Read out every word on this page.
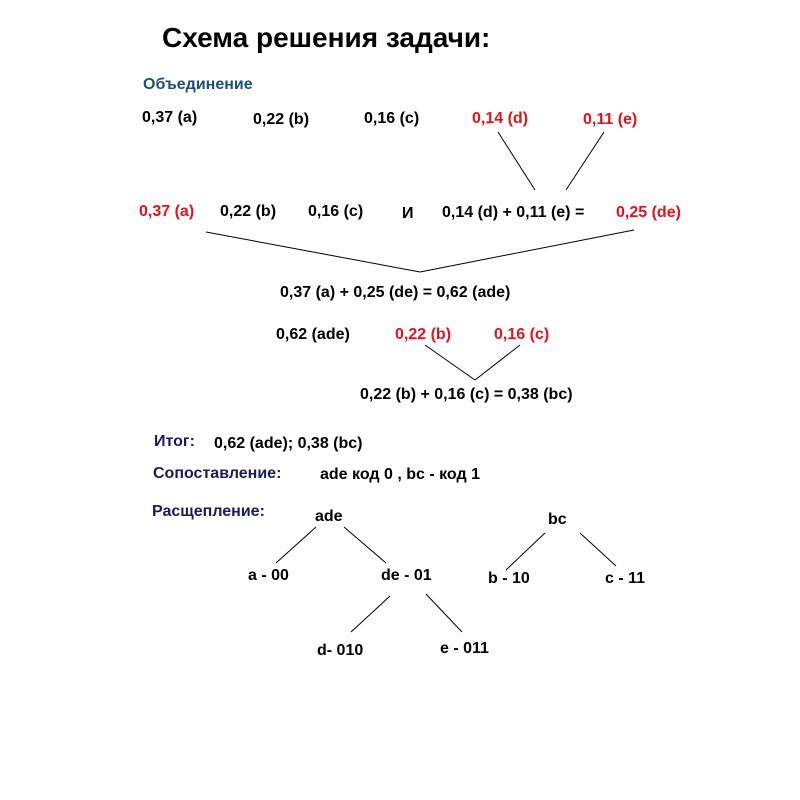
Схема решения задачи:
Объединение
0,37 (a)	0,22 (b)	0,16 (c)	0,14 (d)	0,11 (e)
0,37 (a) 0,22 (b) 0,16 (c) И 0,14 (d) + 0,11 (e) = 0,25 (de)
0,37 (a) + 0,25 (de) = 0,62 (ade)
0,62 (ade)	0,22 (b)	0,16 (c)
0,22 (b) + 0,16 (c) = 0,38 (bc)
Итог: 0,62 (ade); 0,38 (bc)
Сопоставление: ade код 0 , bc - код 1
Расщепление:	ade	bc
a - 00	de - 01	b - 10	c - 11
d- 010	e - 011
